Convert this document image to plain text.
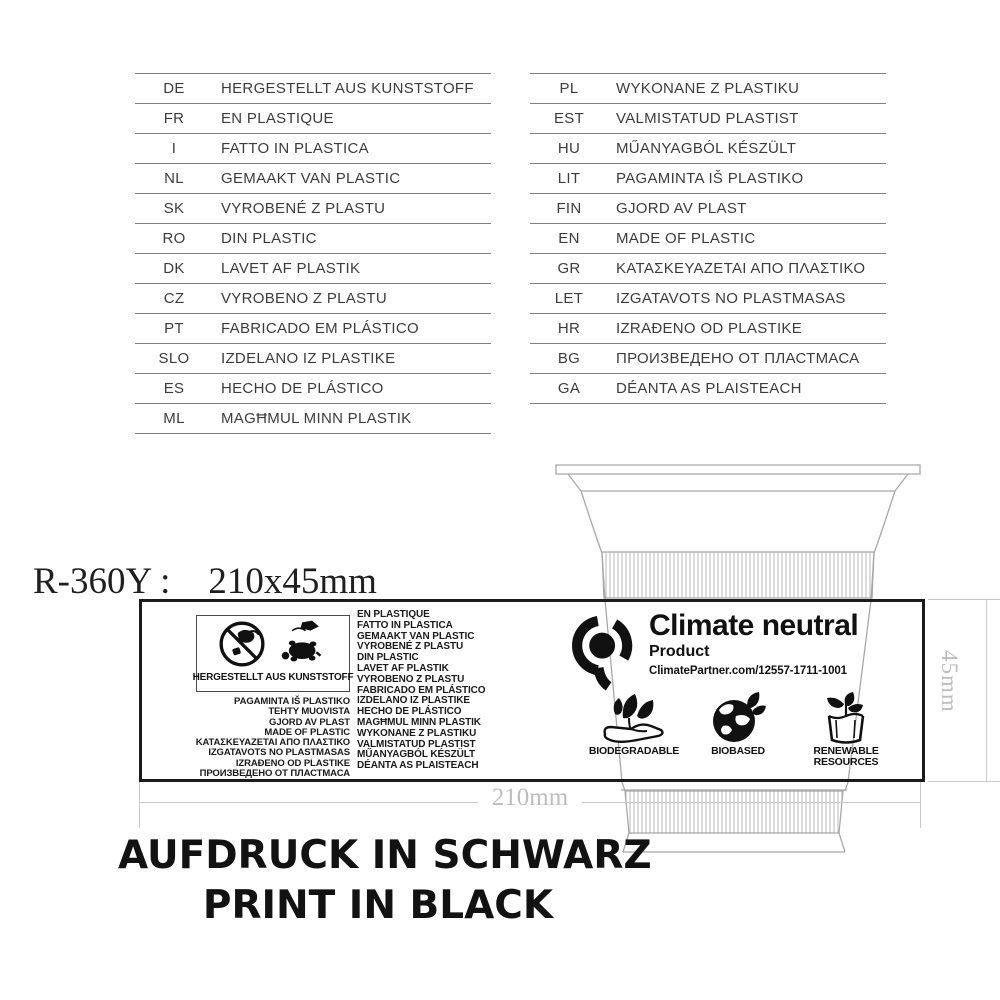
DE	HERGESTELLT AUS KUNSTSTOFF
FR	EN PLASTIQUE
I	FATTO IN PLASTICA
NL	GEMAAKT VAN PLASTIC
SK	VYROBENÉ Z PLASTU
RO	DIN PLASTIC
DK	LAVET AF PLASTIK
CZ	VYROBENO Z PLASTU
PT	FABRICADO EM PLÁSTICO
SLO	IZDELANO IZ PLASTIKE
ES	HECHO DE PLÁSTICO
ML	MAGĦMUL MINN PLASTIK
PL	WYKONANE Z PLASTIKU
EST	VALMISTATUD PLASTIST
HU	MŰANYAGBÓL KÉSZÜLT
LIT	PAGAMINTA IŠ PLASTIKO
FIN	GJORD AV PLAST
EN	MADE OF PLASTIC
GR	ΚΑΤΑΣΚΕΥΑΖΕΤΑΙ ΑΠΟ ΠΛΑΣΤΙΚΟ
LET	IZGATAVOTS NO PLASTMASAS
HR	IZRAĐENO OD PLASTIKE
BG	ПРОИЗВЕДЕНО ОТ ПЛАСТМАСА
GA	DÉANTA AS PLAISTEACH
R-360Y : 210x45mm
HERGESTELLT AUS KUNSTSTOFF
PAGAMINTA IŠ PLASTIKO
TEHTY MUOVISTA
GJORD AV PLAST
MADE OF PLASTIC
ΚΑΤΑΣΚΕΥΑΖΕΤΑΙ ΑΠΟ ΠΛΑΣΤΙΚΟ
IZGATAVOTS NO PLASTMASAS
IZRAĐENO OD PLASTIKE
ПРОИЗВЕДЕНО ОТ ПЛАСТМАСА
EN PLASTIQUE
FATTO IN PLASTICA
GEMAAKT VAN PLASTIC
VYROBENÉ Z PLASTU
DIN PLASTIC
LAVET AF PLASTIK
VYROBENO Z PLASTU
FABRICADO EM PLÁSTICO
IZDELANO IZ PLASTIKE
HECHO DE PLÁSTICO
MAGĦMUL MINN PLASTIK
WYKONANE Z PLASTIKU
VALMISTATUD PLASTIST
MŰANYAGBÓL KÉSZÜLT
DÉANTA AS PLAISTEACH
Climate neutral
Product
ClimatePartner.com/12557-1711-1001
BIODEGRADABLE	BIOBASED	RENEWABLE RESOURCES
210mm
45mm
AUFDRUCK IN SCHWARZ
PRINT IN BLACK
